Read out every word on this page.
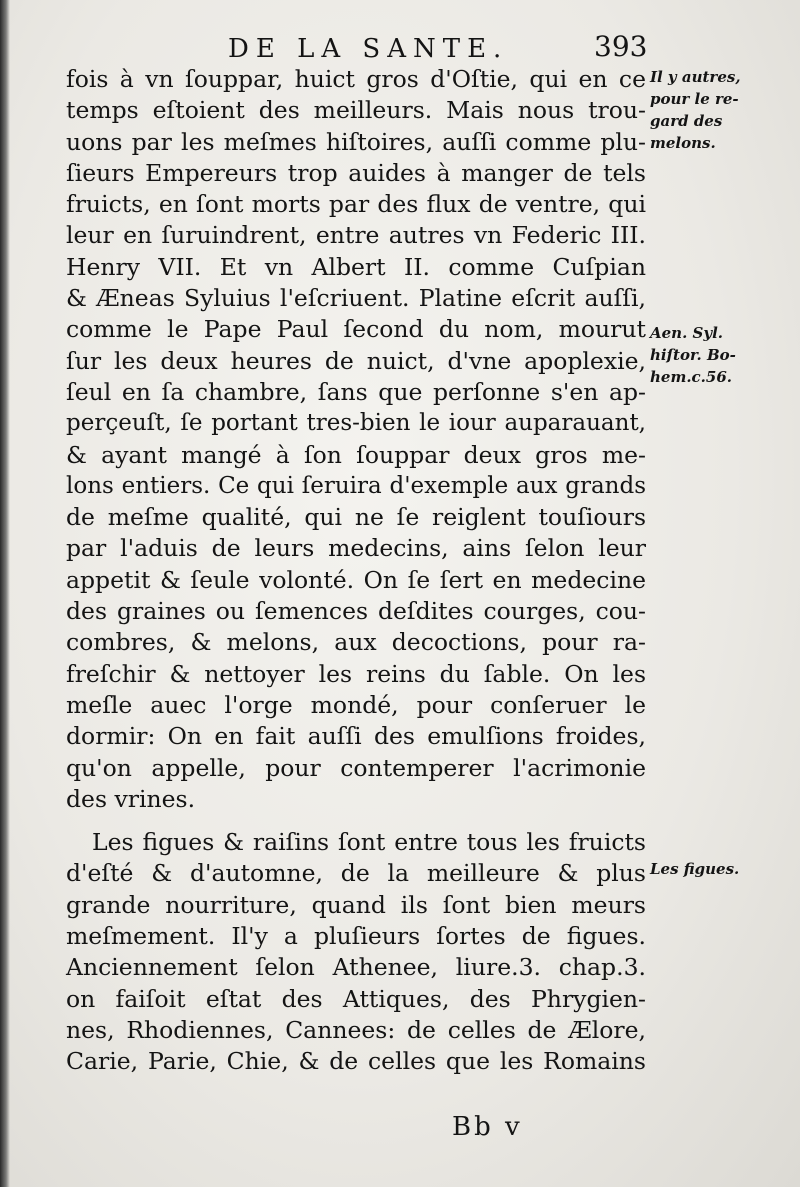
DE LA SANTE.	393
fois à vn ſouppar, huict gros d'Oſtie, qui en ce
temps eſtoient des meilleurs. Mais nous trou-
uons par les meſmes hiſtoires, auſſi comme plu-
ſieurs Empereurs trop auides à manger de tels
fruicts, en ſont morts par des flux de ventre, qui
leur en ſuruindrent, entre autres vn Federic III.
Henry VII. Et vn Albert II. comme Cuſpian
& Æneas Syluius l'eſcriuent. Platine eſcrit auſſi,
comme le Pape Paul ſecond du nom, mourut
ſur les deux heures de nuict, d'vne apoplexie,
ſeul en ſa chambre, ſans que perſonne s'en ap-
perçeuſt, ſe portant tres-bien le iour auparauant,
& ayant mangé à ſon ſouppar deux gros me-
lons entiers. Ce qui ſeruira d'exemple aux grands
de meſme qualité, qui ne ſe reiglent touſiours
par l'aduis de leurs medecins, ains ſelon leur
appetit & ſeule volonté. On ſe ſert en medecine
des graines ou ſemences deſdites courges, cou-
combres, & melons, aux decoctions, pour ra-
freſchir & nettoyer les reins du ſable. On les
meſle auec l'orge mondé, pour conſeruer le
dormir: On en fait auſſi des emulſions froides,
qu'on appelle, pour contemperer l'acrimonie
des vrines.
Les figues & raiſins ſont entre tous les fruicts
d'eſté & d'automne, de la meilleure & plus
grande nourriture, quand ils ſont bien meurs
meſmement. Il'y a pluſieurs ſortes de figues.
Anciennement ſelon Athenee, liure.3. chap.3.
on faiſoit eſtat des Attiques, des Phrygien-
nes, Rhodiennes, Cannees: de celles de Ælore,
Carie, Parie, Chie, & de celles que les Romains
Il y autres,
pour le re-
gard des
melons.
Aen. Syl.
hiſtor. Bo-
hem.c.56.
Les figues.
Bb v
